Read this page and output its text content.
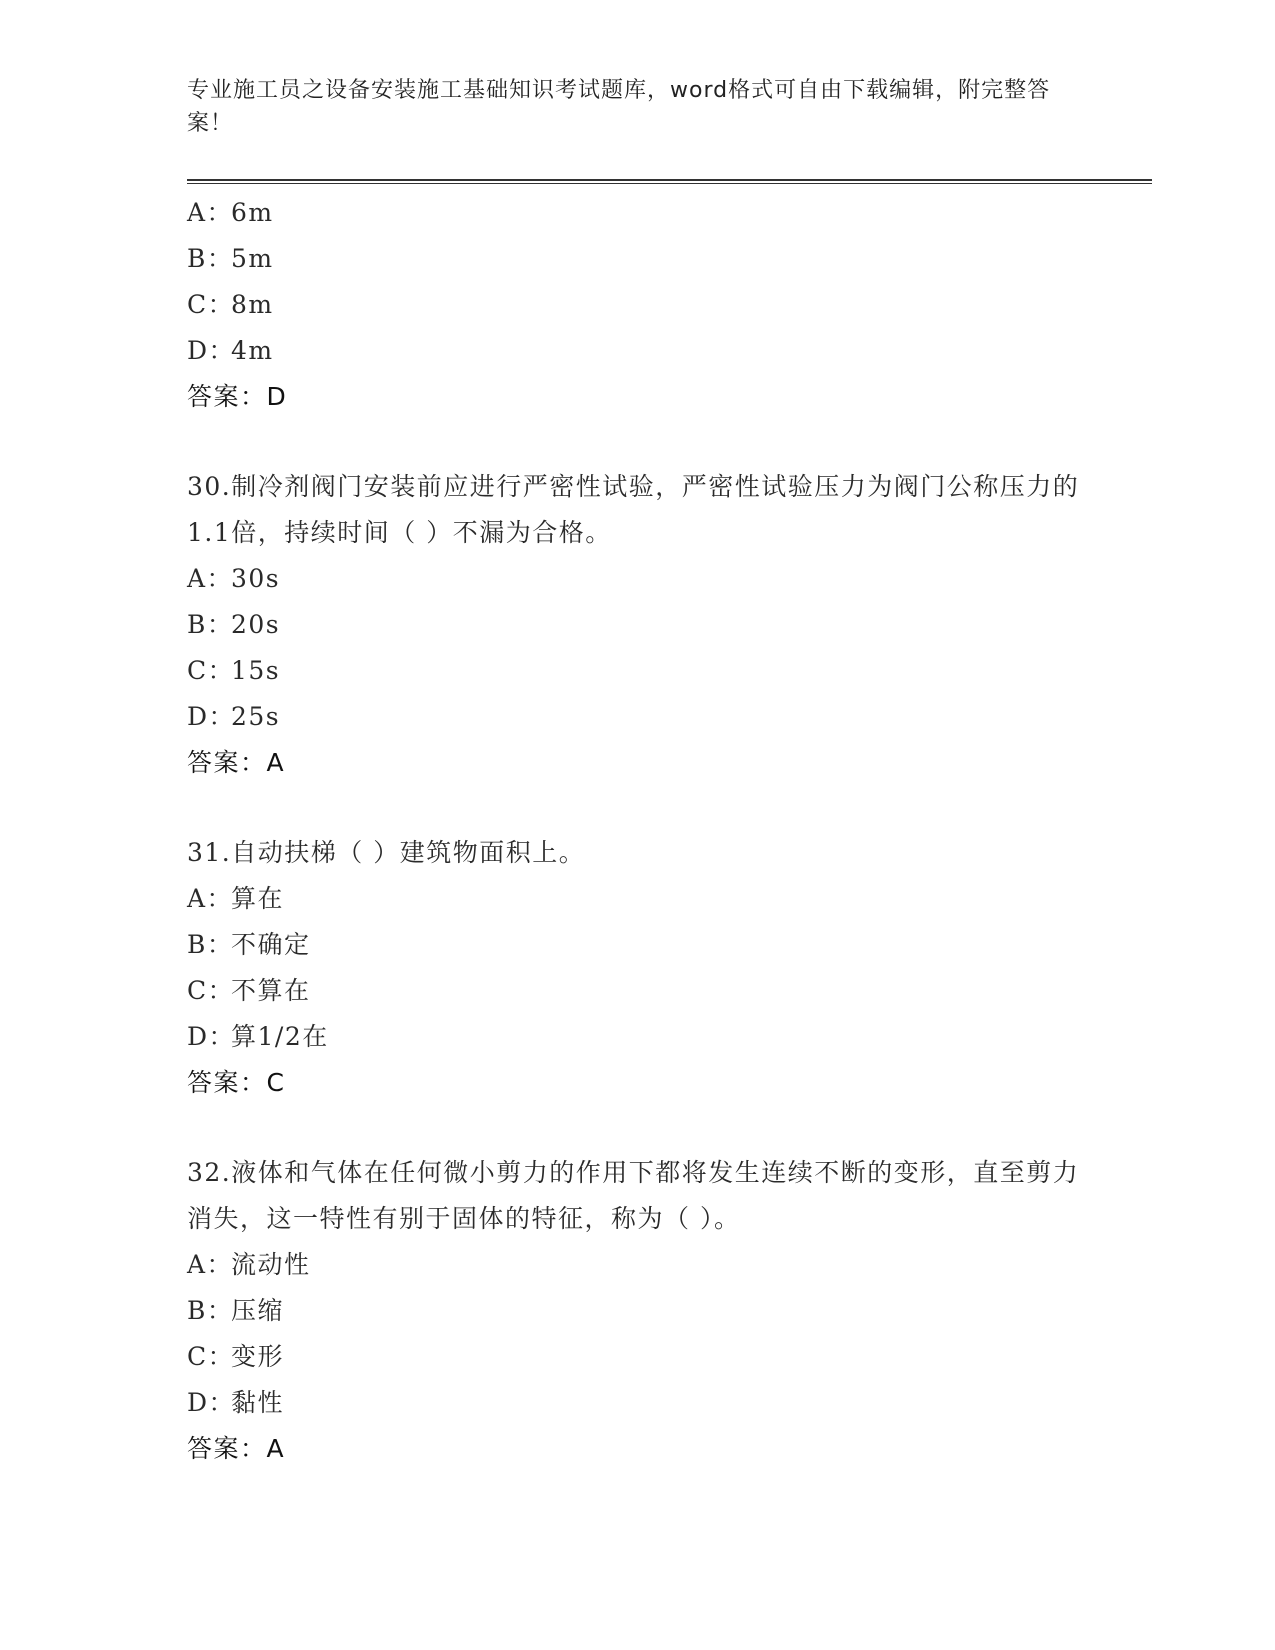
专业施工员之设备安装施工基础知识考试题库，word格式可自由下载编辑，附完整答案！
A：6m
B：5m
C：8m
D：4m
答案：D
30.制冷剂阀门安装前应进行严密性试验，严密性试验压力为阀门公称压力的1.1倍，持续时间（ ）不漏为合格。
A：30s
B：20s
C：15s
D：25s
答案：A
31.自动扶梯（ ）建筑物面积上。
A：算在
B：不确定
C：不算在
D：算1/2在
答案：C
32.液体和气体在任何微小剪力的作用下都将发生连续不断的变形，直至剪力消失，这一特性有别于固体的特征，称为（ ）。
A：流动性
B：压缩
C：变形
D：黏性
答案：A
